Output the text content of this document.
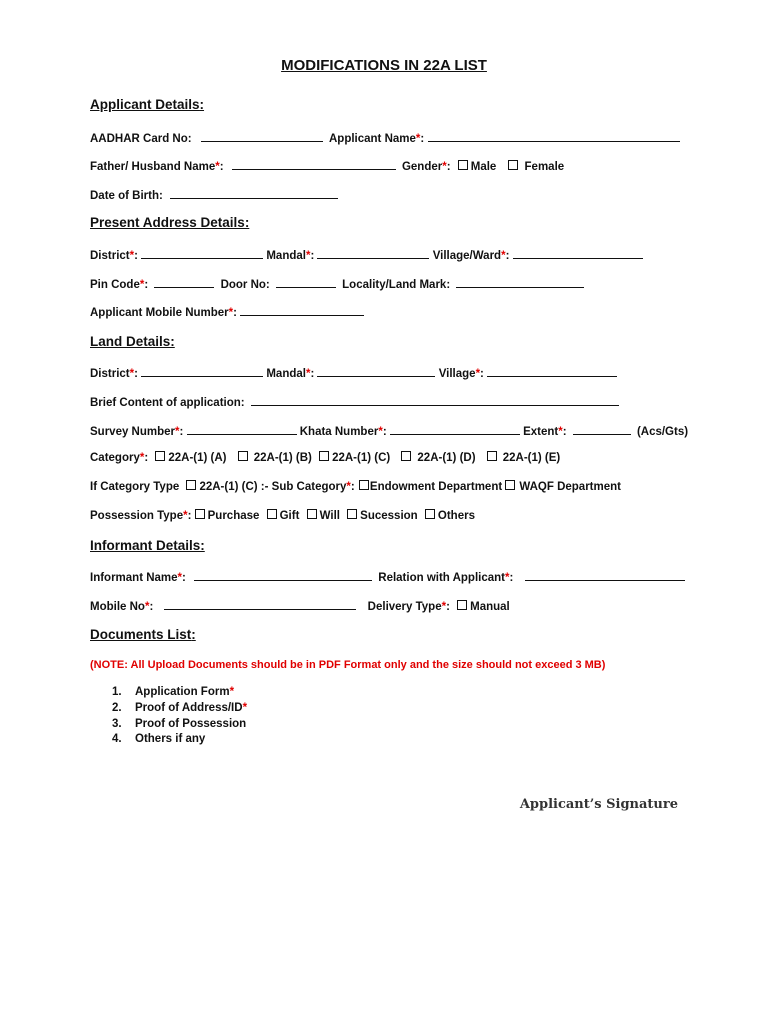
MODIFICATIONS IN 22A LIST
Applicant Details:
AADHAR Card No:	Applicant Name*:
Father/ Husband Name*:	Gender*: Male Female
Date of Birth:
Present Address Details:
District*:	Mandal*:	Village/Ward*:
Pin Code*:	Door No:	Locality/Land Mark:
Applicant Mobile Number*:
Land Details:
District*:	Mandal*:	Village*:
Brief Content of application:
Survey Number*:	Khata Number*:	Extent*:	(Acs/Gts)
Category*: 22A-(1) (A) 22A-(1) (B) 22A-(1) (C) 22A-(1) (D) 22A-(1) (E)
If Category Type 22A-(1) (C) :- Sub Category*: Endowment Department WAQF Department
Possession Type*: Purchase Gift Will Sucession Others
Informant Details:
Informant Name*:	Relation with Applicant*:
Mobile No*:	Delivery Type*: Manual
Documents List:
(NOTE: All Upload Documents should be in PDF Format only and the size should not exceed 3 MB)
1. Application Form*
2. Proof of Address/ID*
3. Proof of Possession
4. Others if any
Applicant’s Signature
